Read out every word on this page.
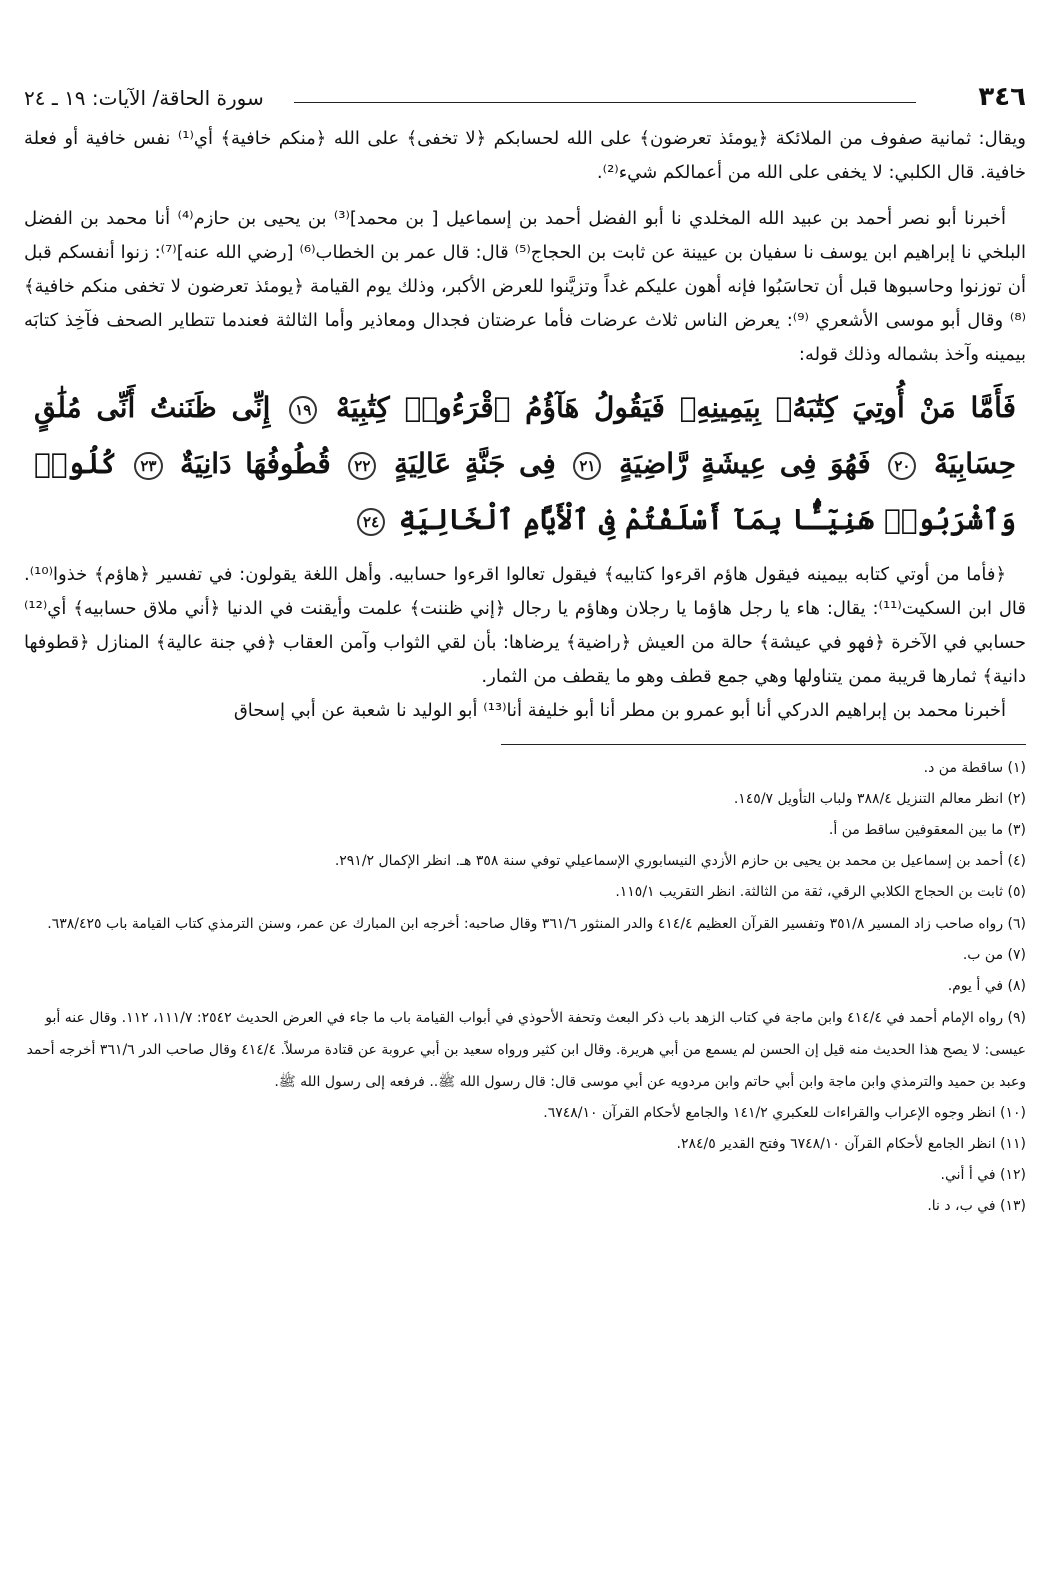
٣٤٦
سورة الحاقة/ الآيات: ١٩ ـ ٢٤

ويقال: ثمانية صفوف من الملائكة ﴿يومئذ تعرضون﴾ على الله لحسابكم ﴿لا تخفى﴾ على الله ﴿منكم خافية﴾ أي⁽¹⁾ نفس خافية أو فعلة خافية. قال الكلبي: لا يخفى على الله من أعمالكم شيء⁽²⁾.

أخبرنا أبو نصر أحمد بن عبيد الله المخلدي نا أبو الفضل أحمد بن إسماعيل [ بن محمد]⁽³⁾ بن يحيى بن حازم⁽⁴⁾ أنا محمد بن الفضل البلخي نا إبراهيم ابن يوسف نا سفيان بن عيينة عن ثابت بن الحجاج⁽⁵⁾ قال: قال عمر بن الخطاب⁽⁶⁾ [رضي الله عنه]⁽⁷⁾: زنوا أنفسكم قبل أن توزنوا وحاسبوها قبل أن تحاسَبُوا فإنه أهون عليكم غداً وتزيَّنوا للعرض الأكبر، وذلك يوم القيامة ﴿يومئذ تعرضون لا تخفى منكم خافية﴾⁽⁸⁾ وقال أبو موسى الأشعري ⁽⁹⁾: يعرض الناس ثلاث عرضات فأما عرضتان فجدال ومعاذير وأما الثالثة فعندما تتطاير الصحف فآخِذ كتابَه بيمينه وآخذ بشماله وذلك قوله:

فَأَمَّا مَنْ أُوتِيَ كِتَٰبَهُۥ بِيَمِينِهِۦ فَيَقُولُ هَآؤُمُ ٱقْرَءُوا۟ كِتَٰبِيَهْ ١٩ إِنِّى ظَنَنتُ أَنِّى مُلَٰقٍ حِسَابِيَهْ ٢٠ فَهُوَ فِى عِيشَةٍ رَّاضِيَةٍ ٢١ فِى جَنَّةٍ عَالِيَةٍ ٢٢ قُطُوفُهَا دَانِيَةٌ ٢٣ كُلُوا۟ وَٱشْرَبُوا۟ هَنِيٓـًٔۢا بِمَآ أَسْلَفْتُمْ فِى ٱلْأَيَّامِ ٱلْخَالِيَةِ ٢٤

﴿فأما من أوتي كتابه بيمينه فيقول هاؤم اقرءوا كتابيه﴾ فيقول تعالوا اقرءوا حسابيه. وأهل اللغة يقولون: في تفسير ﴿هاؤم﴾ خذوا⁽¹⁰⁾. قال ابن السكيت⁽¹¹⁾: يقال: هاء يا رجل هاؤما يا رجلان وهاؤم يا رجال ﴿إني ظننت﴾ علمت وأيقنت في الدنيا ﴿أني ملاق حسابيه﴾ أي⁽¹²⁾ حسابي في الآخرة ﴿فهو في عيشة﴾ حالة من العيش ﴿راضية﴾ يرضاها: بأن لقي الثواب وآمن العقاب ﴿في جنة عالية﴾ المنازل ﴿قطوفها دانية﴾ ثمارها قريبة ممن يتناولها وهي جمع قطف وهو ما يقطف من الثمار.

أخبرنا محمد بن إبراهيم الدركي أنا أبو عمرو بن مطر أنا أبو خليفة أنا⁽¹³⁾ أبو الوليد نا شعبة عن أبي إسحاق

(١) ساقطة من د.

(٢) انظر معالم التنزيل ٣٨٨/٤ ولباب التأويل ١٤٥/٧.

(٣) ما بين المعقوفين ساقط من أ.

(٤) أحمد بن إسماعيل بن محمد بن يحيى بن حازم الأزدي النيسابوري الإسماعيلي توفي سنة ٣٥٨ هـ. انظر الإكمال ٢٩١/٢.

(٥) ثابت بن الحجاج الكلابي الرقي، ثقة من الثالثة. انظر التقريب ١١٥/١.

(٦) رواه صاحب زاد المسير ٣٥١/٨ وتفسير القرآن العظيم ٤١٤/٤ والدر المنثور ٣٦١/٦ وقال صاحبه: أخرجه ابن المبارك عن عمر، وسنن الترمذي كتاب القيامة باب ٦٣٨/٤٢٥.

(٧) من ب.

(٨) في أ يوم.

(٩) رواه الإمام أحمد في ٤١٤/٤ وابن ماجة في كتاب الزهد باب ذكر البعث وتحفة الأحوذي في أبواب القيامة باب ما جاء في العرض الحديث ٢٥٤٢: ١١١/٧، ١١٢. وقال عنه أبو عيسى: لا يصح هذا الحديث منه قيل إن الحسن لم يسمع من أبي هريرة. وقال ابن كثير ورواه سعيد بن أبي عروبة عن قتادة مرسلاً. ٤١٤/٤ وقال صاحب الدر ٣٦١/٦ أخرجه أحمد وعبد بن حميد والترمذي وابن ماجة وابن أبي حاتم وابن مردويه عن أبي موسى قال: قال رسول الله ﷺ.. فرفعه إلى رسول الله ﷺ.

(١٠) انظر وجوه الإعراب والقراءات للعكبري ١٤١/٢ والجامع لأحكام القرآن ٦٧٤٨/١٠.

(١١) انظر الجامع لأحكام القرآن ٦٧٤٨/١٠ وفتح القدير ٢٨٤/٥.

(١٢) في أ أني.

(١٣) في ب، د نا.
